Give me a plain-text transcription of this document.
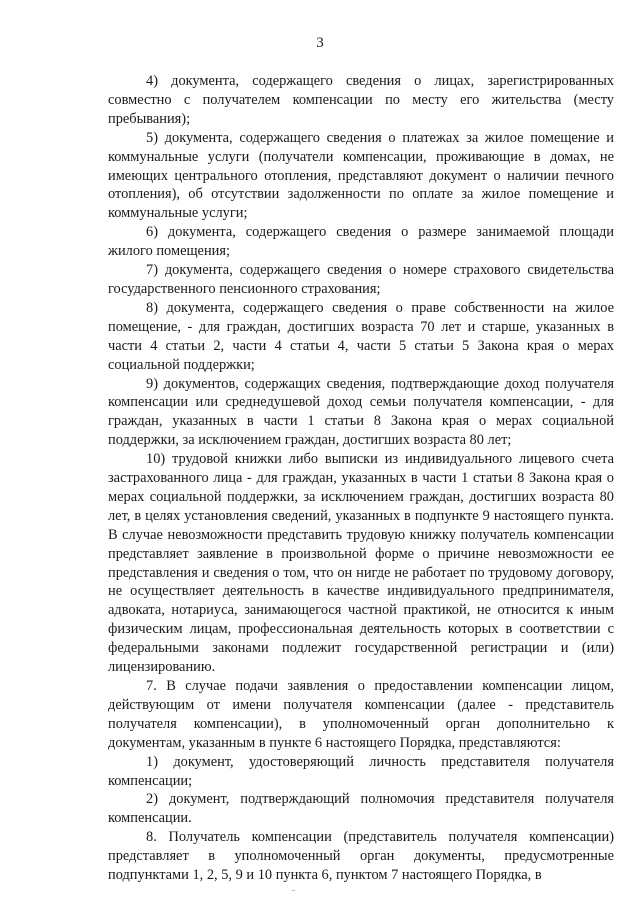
3

4) документа, содержащего сведения о лицах, зарегистрированных совместно с получателем компенсации по месту его жительства (месту пребывания);

5) документа, содержащего сведения о платежах за жилое помещение и коммунальные услуги (получатели компенсации, проживающие в домах, не имеющих центрального отопления, представляют документ о наличии печного отопления), об отсутствии задолженности по оплате за жилое помещение и коммунальные услуги;

6) документа, содержащего сведения о размере занимаемой площади жилого помещения;

7) документа, содержащего сведения о номере страхового свидетельства государственного пенсионного страхования;

8) документа, содержащего сведения о праве собственности на жилое помещение, - для граждан, достигших возраста 70 лет и старше, указанных в части 4 статьи 2, части 4 статьи 4, части 5 статьи 5 Закона края о мерах социальной поддержки;

9) документов, содержащих сведения, подтверждающие доход получателя компенсации или среднедушевой доход семьи получателя компенсации, - для граждан, указанных в части 1 статьи 8 Закона края о мерах социальной поддержки, за исключением граждан, достигших возраста 80 лет;

10) трудовой книжки либо выписки из индивидуального лицевого счета застрахованного лица - для граждан, указанных в части 1 статьи 8 Закона края о мерах социальной поддержки, за исключением граждан, достигших возраста 80 лет, в целях установления сведений, указанных в подпункте 9 настоящего пункта. В случае невозможности представить трудовую книжку получатель компенсации представляет заявление в произвольной форме о причине невозможности ее представления и сведения о том, что он нигде не работает по трудовому договору, не осуществляет деятельность в качестве индивидуального предпринимателя, адвоката, нотариуса, занимающегося частной практикой, не относится к иным физическим лицам, профессиональная деятельность которых в соответствии с федеральными законами подлежит государственной регистрации и (или) лицензированию.

7. В случае подачи заявления о предоставлении компенсации лицом, действующим от имени получателя компенсации (далее - представитель получателя компенсации), в уполномоченный орган дополнительно к документам, указанным в пункте 6 настоящего Порядка, представляются:

1) документ, удостоверяющий личность представителя получателя компенсации;

2) документ, подтверждающий полномочия представителя получателя компенсации.

8. Получатель компенсации (представитель получателя компенсации) представляет в уполномоченный орган документы, предусмотренные подпунктами 1, 2, 5, 9 и 10 пункта 6, пунктом 7 настоящего Порядка, в
